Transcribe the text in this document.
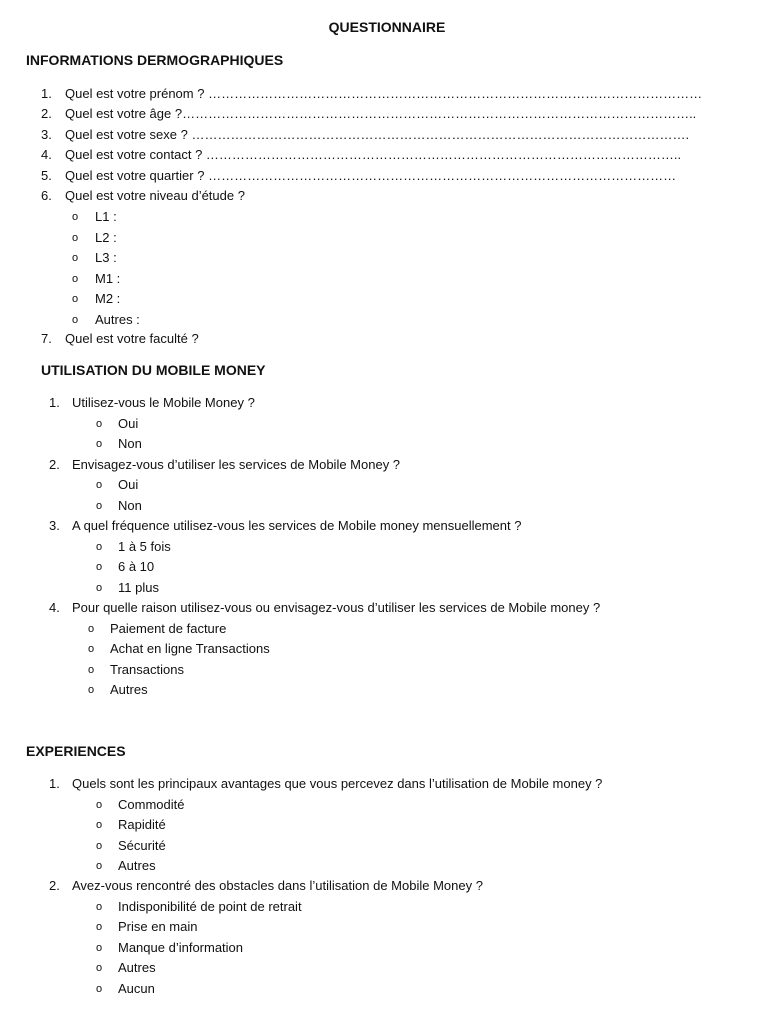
QUESTIONNAIRE
INFORMATIONS DERMOGRAPHIQUES
1. Quel est votre prénom ? ……………………………………………………………………………………………………
2. Quel est votre âge ?………………………………………………………………………………………………………..
3. Quel est votre sexe ? …………………………………………………………………………………………………….
4. Quel est votre contact ? ………………………………………………………………………………………………..
5. Quel est votre quartier ? ………………………………………………………………………………………………
6. Quel est votre niveau d’étude ?
o L1 :
o L2 :
o L3 :
o M1 :
o M2 :
o Autres :
7. Quel est votre faculté ?
UTILISATION DU MOBILE MONEY
1. Utilisez-vous le Mobile Money ?
o Oui
o Non
2. Envisagez-vous d’utiliser les services de Mobile Money ?
o Oui
o Non
3. A quel fréquence utilisez-vous les services de Mobile money mensuellement ?
o 1 à 5 fois
o 6 à 10
o 11 plus
4. Pour quelle raison utilisez-vous ou envisagez-vous d’utiliser les services de Mobile money ?
o Paiement de facture
o Achat en ligne Transactions
o Transactions
o Autres
EXPERIENCES
1. Quels sont les principaux avantages que vous percevez dans l’utilisation de Mobile money ?
o Commodité
o Rapidité
o Sécurité
o Autres
2. Avez-vous rencontré des obstacles dans l’utilisation de Mobile Money ?
o Indisponibilité de point de retrait
o Prise en main
o Manque d’information
o Autres
o Aucun
